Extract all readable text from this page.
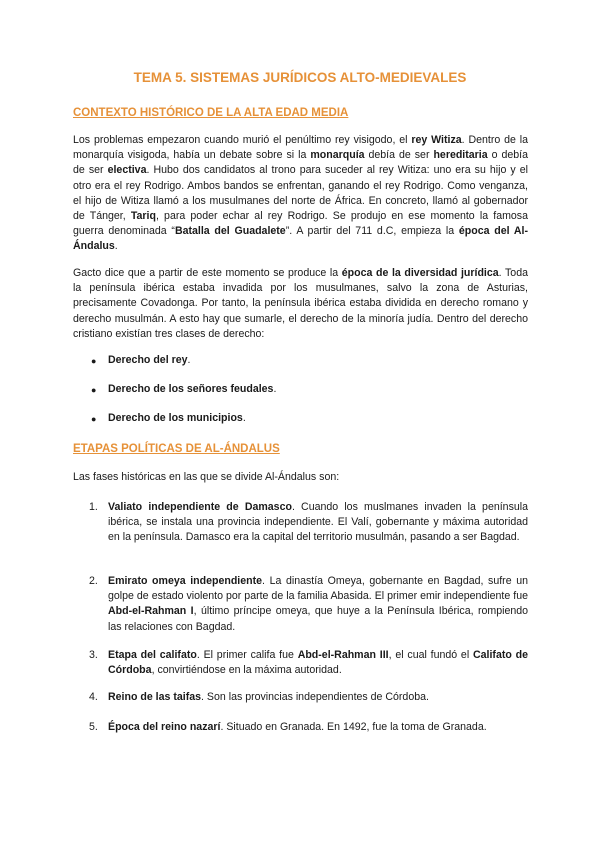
TEMA 5. SISTEMAS JURÍDICOS ALTO-MEDIEVALES
CONTEXTO HISTÓRICO DE LA ALTA EDAD MEDIA

Los problemas empezaron cuando murió el penúltimo rey visigodo, el rey Witiza. Dentro de la monarquía visigoda, había un debate sobre si la monarquía debía de ser hereditaria o debía de ser electiva. Hubo dos candidatos al trono para suceder al rey Witiza: uno era su hijo y el otro era el rey Rodrigo. Ambos bandos se enfrentan, ganando el rey Rodrigo. Como venganza, el hijo de Witiza llamó a los musulmanes del norte de África. En concreto, llamó al gobernador de Tánger, Tariq, para poder echar al rey Rodrigo. Se produjo en ese momento la famosa guerra denominada “Batalla del Guadalete”. A partir del 711 d.C, empieza la época del Al-Ándalus.

Gacto dice que a partir de este momento se produce la época de la diversidad jurídica. Toda la península ibérica estaba invadida por los musulmanes, salvo la zona de Asturias, precisamente Covadonga. Por tanto, la península ibérica estaba dividida en derecho romano y derecho musulmán. A esto hay que sumarle, el derecho de la minoría judía. Dentro del derecho cristiano existían tres clases de derecho:

●	Derecho del rey.
●	Derecho de los señores feudales.
●	Derecho de los municipios.
ETAPAS POLÍTICAS DE AL-ÁNDALUS

Las fases históricas en las que se divide Al-Ándalus son:

1. Valiato independiente de Damasco. Cuando los muslmanes invaden la península ibérica, se instala una provincia independiente. El Valí, gobernante y máxima autoridad en la península. Damasco era la capital del territorio musulmán, pasando a ser Bagdad.
2. Emirato omeya independiente. La dinastía Omeya, gobernante en Bagdad, sufre un golpe de estado violento por parte de la familia Abasida. El primer emir independiente fue Abd-el-Rahman I, último príncipe omeya, que huye a la Península Ibérica, rompiendo las relaciones con Bagdad.
3. Etapa del califato. El primer califa fue Abd-el-Rahman III, el cual fundó el Califato de Córdoba, convirtiéndose en la máxima autoridad.
4. Reino de las taifas. Son las provincias independientes de Córdoba.
5. Época del reino nazarí. Situado en Granada. En 1492, fue la toma de Granada.
